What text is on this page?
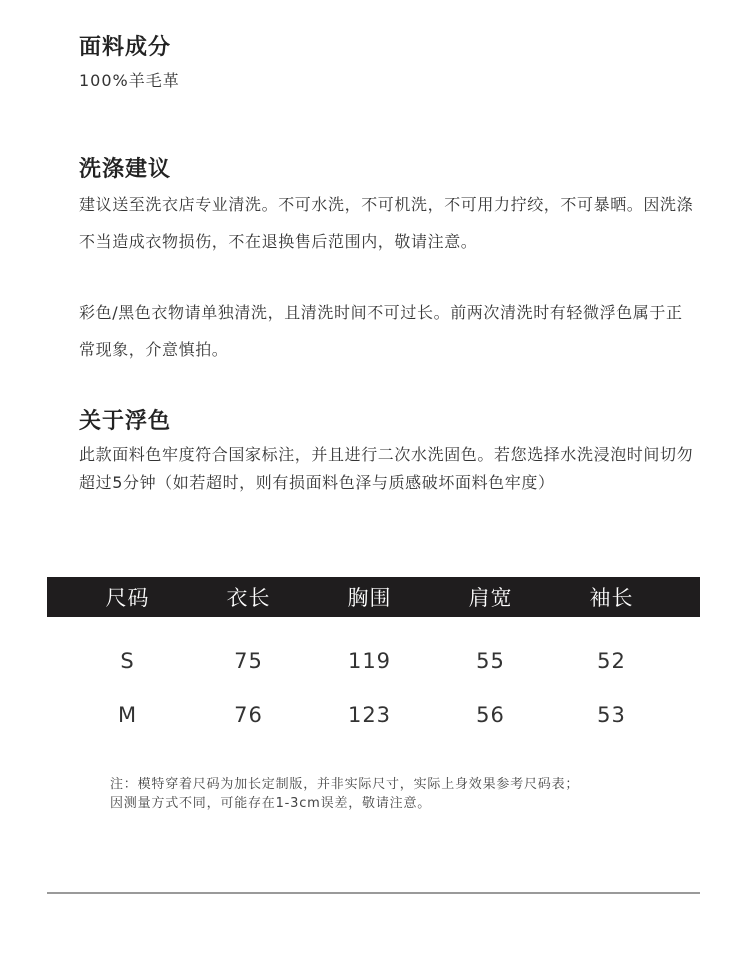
面料成分

100%羊毛革

洗涤建议

建议送至洗衣店专业清洗。不可水洗，不可机洗，不可用力拧绞，不可暴晒。因洗涤不当造成衣物损伤，不在退换售后范围内，敬请注意。

彩色/黑色衣物请单独清洗，且清洗时间不可过长。前两次清洗时有轻微浮色属于正常现象，介意慎拍。

关于浮色

此款面料色牢度符合国家标注，并且进行二次水洗固色。若您选择水洗浸泡时间切勿超过5分钟（如若超时，则有损面料色泽与质感破坏面料色牢度）

尺码	衣长	胸围	肩宽	袖长
S	75	119	55	52
M	76	123	56	53

注：模特穿着尺码为加长定制版，并非实际尺寸，实际上身效果参考尺码表；

因测量方式不同，可能存在1-3cm误差，敬请注意。
